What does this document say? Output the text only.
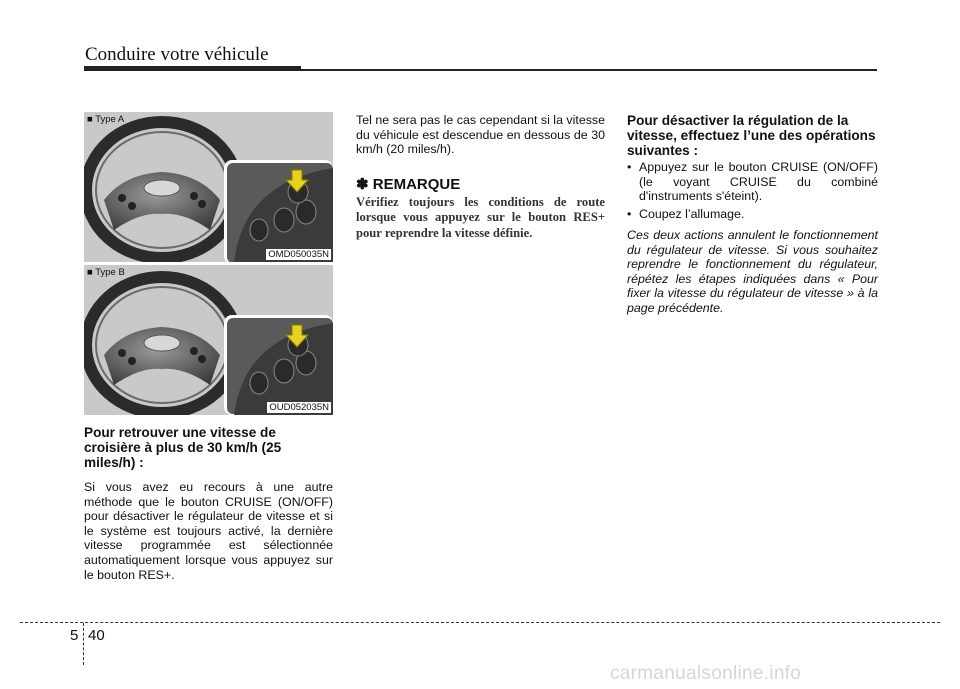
Conduire votre véhicule
■ Type A
OMD050035N
■ Type B
OUD052035N
Pour retrouver une vitesse de croisière à plus de 30 km/h (25 miles/h) :

Si vous avez eu recours à une autre méthode que le bouton CRUISE (ON/OFF) pour désactiver le régulateur de vitesse et si le système est toujours activé, la dernière vitesse programmée est sélectionnée automatiquement lorsque vous appuyez sur le bouton RES+.

Tel ne sera pas le cas cependant si la vitesse du véhicule est descendue en dessous de 30 km/h (20 miles/h).

✽ REMARQUE

Vérifiez toujours les conditions de route lorsque vous appuyez sur le bouton RES+ pour reprendre la vitesse définie.

Pour désactiver la régulation de la vitesse, effectuez l’une des opérations suivantes :
• Appuyez sur le bouton CRUISE (ON/OFF) (le voyant CRUISE du combiné d'instruments s'éteint).
• Coupez l’allumage.

Ces deux actions annulent le fonctionnement du régulateur de vitesse. Si vous souhaitez reprendre le fonctionnement du régulateur, répétez les étapes indiquées dans « Pour fixer la vitesse du régulateur de vitesse » à la page précédente.

5 40
carmanualsonline.info
